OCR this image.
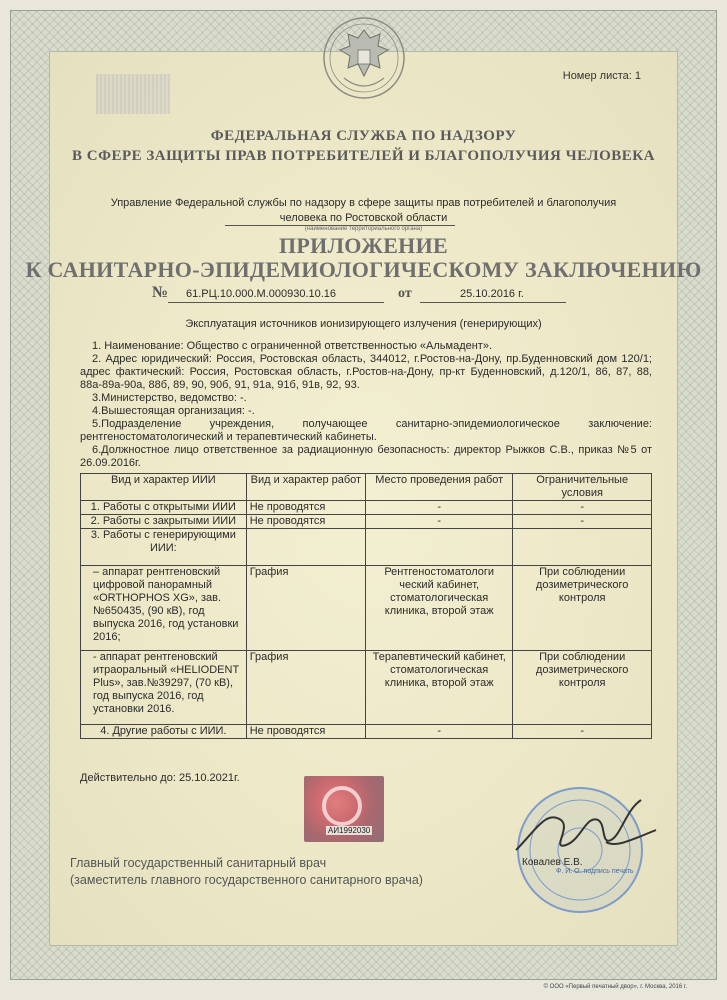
Номер листа: 1
ФЕДЕРАЛЬНАЯ СЛУЖБА ПО НАДЗОРУ
В СФЕРЕ ЗАЩИТЫ ПРАВ ПОТРЕБИТЕЛЕЙ И БЛАГОПОЛУЧИЯ ЧЕЛОВЕКА
Управление Федеральной службы по надзору в сфере защиты прав потребителей и благополучия
человека по Ростовской области
(наименование территориального органа)
ПРИЛОЖЕНИЕ
К САНИТАРНО-ЭПИДЕМИОЛОГИЧЕСКОМУ ЗАКЛЮЧЕНИЮ
№ 61.РЦ.10.000.М.000930.10.16	от	25.10.2016 г.
Эксплуатация источников ионизирующего излучения (генерирующих)

1. Наименование: Общество с ограниченной ответственностью «Альмадент».

2. Адрес юридический: Россия, Ростовская область, 344012, г.Ростов-на-Дону, пр.Буденновский дом 120/1; адрес фактический: Россия, Ростовская область, г.Ростов-на-Дону, пр-кт Буденновский, д.120/1, 86, 87, 88, 88а-89а-90а, 88б, 89, 90, 90б, 91, 91а, 91б, 91в, 92, 93.

3.Министерство, ведомство: -.

4.Вышестоящая организация: -.

5.Подразделение учреждения, получающее санитарно-эпидемиологическое заключение: рентгеностоматологический и терапевтический кабинеты.

6.Должностное лицо ответственное за радиационную безопасность: директор Рыжков С.В., приказ №5 от 26.09.2016г.

Вид и характер ИИИ	Вид и характер работ	Место проведения работ	Ограничительные условия
1. Работы с открытыми ИИИ	Не проводятся	-	-
2. Работы с закрытыми ИИИ	Не проводятся	-	-
3. Работы с генерирующими ИИИ:			
– аппарат рентгеновский цифровой панорамный «ORTHOPHOS XG», зав.№650435, (90 кВ), год выпуска 2016, год установки 2016;	Графия	Рентгеностоматологи ческий кабинет, стоматологическая клиника, второй этаж	При соблюдении дозиметрического контроля
- аппарат рентгеновский итраоральный «HELIODENT Plus», зав.№39297, (70 кВ), год выпуска 2016, год установки 2016.	Графия	Терапевтический кабинет, стоматологическая клиника, второй этаж	При соблюдении дозиметрического контроля
4. Другие работы с ИИИ.	Не проводятся	-	-
Действительно до: 25.10.2021г.
АИ1992030
Главный государственный санитарный врач
(заместитель главного государственного санитарного врача)
Ковалев Е.В.
Ф. И. О. подпись печать
© ООО «Первый печатный двор», г. Москва, 2016 г.
